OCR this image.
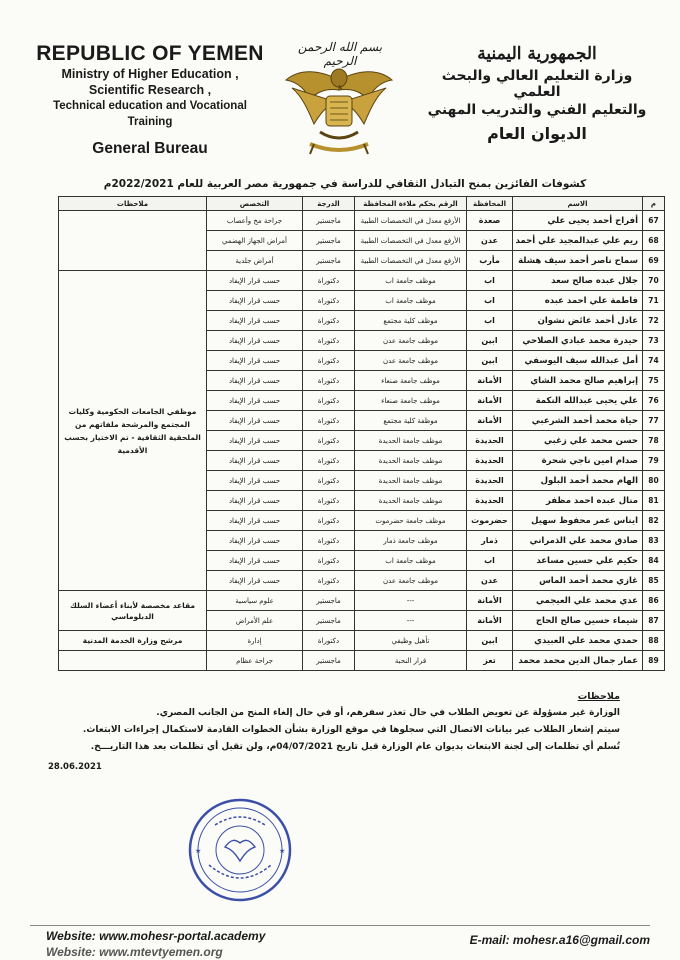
REPUBLIC OF YEMEN
Ministry of Higher Education ,
Scientific Research ,
Technical education and Vocational Training
General Bureau
بسم الله الرحمن الرحيم	الجمهورية اليمنية
وزارة التعليم العالي والبحث العلمي
والتعليم الفني والتدريب المهني
الديوان العام
كشوفات الفائزين بمنح التبادل الثقافي للدراسة في جمهورية مصر العربية للعام 2022/2021م
م	الاسم	المحافظة	الرقم بحكم ملاءة المحافظة	الدرجة	التخصص	ملاحظات
67	أفراح أحمد يحيى علي	صعدة	الأرفع معدل في التخصصات الطبية	ماجستير	جراحة مخ وأعصاب	
68	ريم علي عبدالمجيد علي أحمد	عدن	الأرفع معدل في التخصصات الطبية	ماجستير	أمراض الجهاز الهضمي	
69	سماح ناصر أحمد سيف هشلة	مأرب	الأرفع معدل في التخصصات الطبية	ماجستير	أمراض جلدية	
70	جلال عبده صالح سعد	اب	موظف جامعة اب	دكتوراة	حسب قرار الإيفاد	موظفي الجامعات الحكومية وكليات المجتمع والمرشحة ملفاتهم من الملحقية الثقافية - تم الاختيار بحسب الأقدمية
71	فاطمة علي احمد عبده	اب	موظف جامعة اب	دكتوراة	حسب قرار الإيفاد	
72	عادل أحمد عائض نشوان	اب	موظف كلية مجتمع	دكتوراة	حسب قرار الإيفاد	
73	حيدرة محمد عبادي الصلاحي	ابين	موظف جامعة عدن	دكتوراة	حسب قرار الإيفاد	
74	أمل عبدالله سيف اليوسفي	ابين	موظف جامعة عدن	دكتوراة	حسب قرار الإيفاد	
75	إبراهيم صالح محمد الشاي	الأمانة	موظف جامعة صنعاء	دكتوراة	حسب قرار الإيفاد	
76	علي يحيى عبدالله النكمة	الأمانة	موظف جامعة صنعاء	دكتوراة	حسب قرار الإيفاد	
77	حياة محمد أحمد الشرعبي	الأمانة	موظفة كلية مجتمع	دكتوراة	حسب قرار الإيفاد	
78	حسن محمد علي زغبي	الحديدة	موظف جامعة الحديدة	دكتوراة	حسب قرار الإيفاد	
79	صدام امين ناجي شحرة	الحديدة	موظف جامعة الحديدة	دكتوراة	حسب قرار الإيفاد	
80	الهام محمد أحمد البلول	الحديدة	موظف جامعة الحديدة	دكتوراة	حسب قرار الإيفاد	
81	منال عبده احمد مظفر	الحديدة	موظف جامعة الحديدة	دكتوراة	حسب قرار الإيفاد	
82	ايناس عمر محفوظ سهيل	حضرموت	موظف جامعة حضرموت	دكتوراة	حسب قرار الإيفاد	
83	صادق محمد علي الذمراني	ذمار	موظف جامعة ذمار	دكتوراة	حسب قرار الإيفاد	
84	حكيم علي حسين مساعد	اب	موظف جامعة اب	دكتوراة	حسب قرار الإيفاد	
85	غازي محمد أحمد الماس	عدن	موظف جامعة عدن	دكتوراة	حسب قرار الإيفاد	
86	عدي محمد علي العيجمي	الأمانة	---	ماجستير	علوم سياسية	مقاعد مخصصة لأبناء أعضاء السلك الدبلوماسي
87	شيماء حسين صالح الحاج	الأمانة	---	ماجستير	علم الأمراض	
88	حمدي محمد علي العبيدي	ابين	تأهيل وظيفي	دكتوراة	إدارة	مرشح وزارة الخدمة المدنية
89	عمار جمال الدين محمد محمد	تعز	قرار النحبة	ماجستير	جراحة عظام	
ملاحظات
الوزارة غير مسؤولة عن تعويض الطلاب في حال تعذر سفرهم، أو في حال إلغاء المنح من الجانب المصري.
سيتم إشعار الطلاب عبر بيانات الاتصال التي سجلوها في موقع الوزارة بشأن الخطوات القادمة لاستكمال إجراءات الابتعاث.
تُسلم أي تظلمات إلى لجنة الابتعاث بديوان عام الوزارة قبل تاريخ 04/07/2021م، ولن تقبل أي تظلمات بعد هذا التاريـــخ.
28.06.2021
★	★
Website: www.mohesr-portal.academy
Website: www.mtevtyemen.org
E-mail: mohesr.a16@gmail.com
